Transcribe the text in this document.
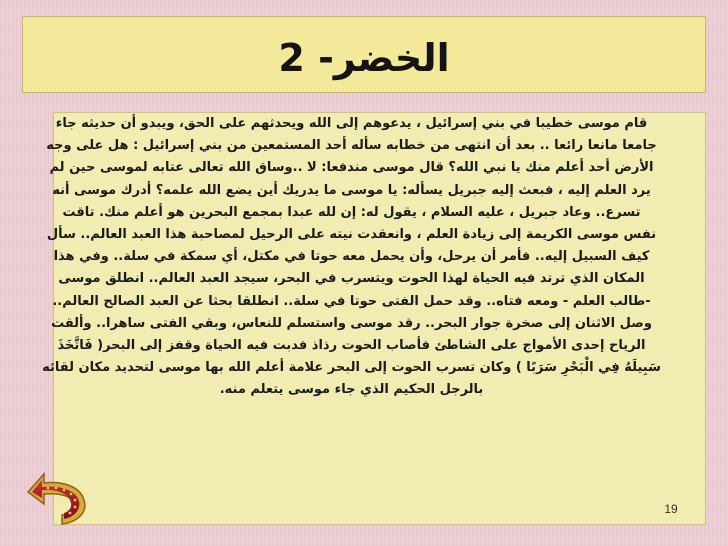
الخضر- 2
قام موسى خطيبا في بني إسرائيل ، يدعوهم إلى الله ويحدثهم على الحق، ويبدو أن حديثه جاء
جامعا مانعا رائعا .. بعد أن انتهى من خطابه سأله أحد المستمعين من بني إسرائيل : هل على وجه
الأرض أحد أعلم منك يا نبي الله؟ قال موسى مندفعا: لا ..وساق الله تعالى عتابه لموسى حين لم
يرد العلم إليه ، فبعث إليه جبريل يسأله: يا موسى ما يدريك أين يضع الله علمه؟ أدرك موسى أنه
تسرع.. وعاد جبريل ، عليه السلام ، يقول له: إن لله عبدا بمجمع البحرين هو أعلم منك. تاقت
نفس موسى الكريمة إلى زيادة العلم ، وانعقدت نيته على الرحيل لمصاحبة هذا العبد العالم.. سأل
كيف السبيل إليه.. فأمر أن يرحل، وأن يحمل معه حوتا في مكتل، أي سمكة في سلة.. وفي هذا
المكان الذي ترتد فيه الحياة لهذا الحوت ويتسرب في البحر، سيجد العبد العالم.. انطلق موسى
-طالب العلم - ومعه فتاه.. وقد حمل الفتى حوتا في سلة.. انطلقا بحثا عن العبد الصالح العالم..
وصل الاثنان إلى صخرة جوار البحر.. رقد موسى واستسلم للنعاس، وبقي الفتى ساهرا.. وألقت
الرياح إحدى الأمواج على الشاطئ فأصاب الحوت رذاذ فدبت فيه الحياة وقفز إلى البحر( فَاتَّخَذَ
سَبِيلَهُ فِي الْبَحْرِ سَرَبًا ) وكان تسرب الحوت إلى البحر علامة أعلم الله بها موسى لتحديد مكان لقائه
بالرجل الحكيم الذي جاء موسى يتعلم منه.
19
